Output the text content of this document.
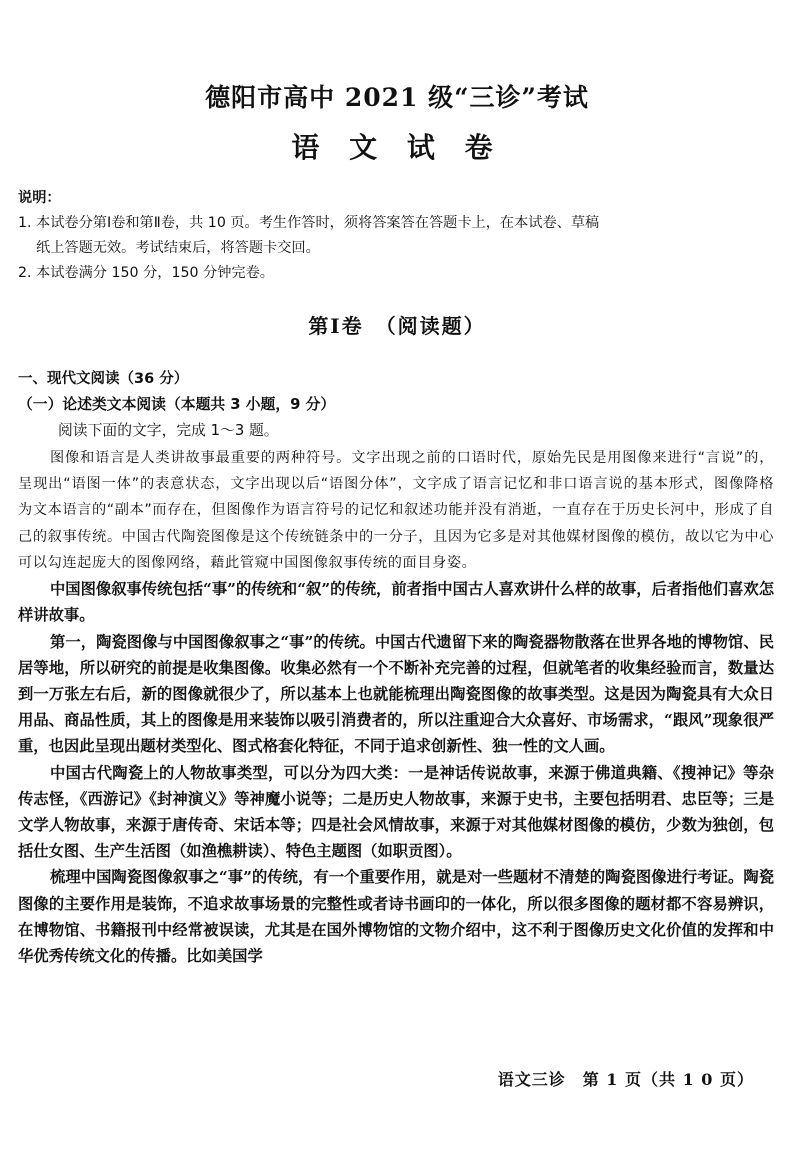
德阳市高中 2021 级“三诊”考试
语 文 试 卷
说明：
1. 本试卷分第Ⅰ卷和第Ⅱ卷，共 10 页。考生作答时，须将答案答在答题卡上，在本试卷、草稿
纸上答题无效。考试结束后，将答题卡交回。
2. 本试卷满分 150 分，150 分钟完卷。
第Ⅰ卷　（阅读题）
一、现代文阅读（36 分）
（一）论述类文本阅读（本题共 3 小题，9 分）
阅读下面的文字，完成 1～3 题。

图像和语言是人类讲故事最重要的两种符号。文字出现之前的口语时代，原始先民是用图像来进行“言说”的，呈现出“语图一体”的表意状态，文字出现以后“语图分体”，文字成了语言记忆和非口语言说的基本形式，图像降格为文本语言的“副本”而存在，但图像作为语言符号的记忆和叙述功能并没有消逝，一直存在于历史长河中，形成了自己的叙事传统。中国古代陶瓷图像是这个传统链条中的一分子，且因为它多是对其他媒材图像的模仿，故以它为中心可以勾连起庞大的图像网络，藉此管窥中国图像叙事传统的面目身姿。

中国图像叙事传统包括“事”的传统和“叙”的传统，前者指中国古人喜欢讲什么样的故事，后者指他们喜欢怎样讲故事。

第一，陶瓷图像与中国图像叙事之“事”的传统。中国古代遗留下来的陶瓷器物散落在世界各地的博物馆、民居等地，所以研究的前提是收集图像。收集必然有一个不断补充完善的过程，但就笔者的收集经验而言，数量达到一万张左右后，新的图像就很少了，所以基本上也就能梳理出陶瓷图像的故事类型。这是因为陶瓷具有大众日用品、商品性质，其上的图像是用来装饰以吸引消费者的，所以注重迎合大众喜好、市场需求，“跟风”现象很严重，也因此呈现出题材类型化、图式格套化特征，不同于追求创新性、独一性的文人画。

中国古代陶瓷上的人物故事类型，可以分为四大类：一是神话传说故事，来源于佛道典籍、《搜神记》等杂传志怪，《西游记》《封神演义》等神魔小说等；二是历史人物故事，来源于史书，主要包括明君、忠臣等；三是文学人物故事，来源于唐传奇、宋话本等；四是社会风情故事，来源于对其他媒材图像的模仿，少数为独创，包括仕女图、生产生活图（如渔樵耕读）、特色主题图（如职贡图）。

梳理中国陶瓷图像叙事之“事”的传统，有一个重要作用，就是对一些题材不清楚的陶瓷图像进行考证。陶瓷图像的主要作用是装饰，不追求故事场景的完整性或者诗书画印的一体化，所以很多图像的题材都不容易辨识，在博物馆、书籍报刊中经常被误读，尤其是在国外博物馆的文物介绍中，这不利于图像历史文化价值的发挥和中华优秀传统文化的传播。比如美国学

语文三诊　第 1 页（共 1 0 页）
